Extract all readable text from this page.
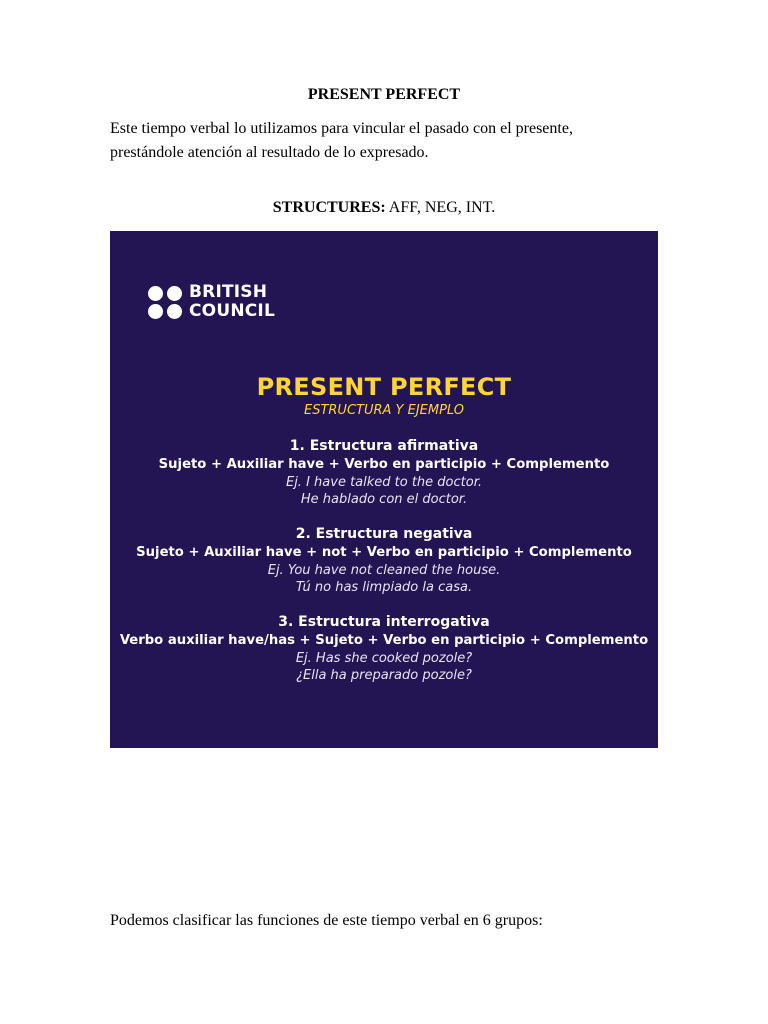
PRESENT PERFECT
Este tiempo verbal lo utilizamos para vincular el pasado con el presente,
prestándole atención al resultado de lo expresado.
STRUCTURES: AFF, NEG, INT.
BRITISH
COUNCIL
PRESENT PERFECT
ESTRUCTURA Y EJEMPLO
1. Estructura afirmativa
Sujeto + Auxiliar have + Verbo en participio + Complemento
Ej. I have talked to the doctor.
He hablado con el doctor.
2. Estructura negativa
Sujeto + Auxiliar have + not + Verbo en participio + Complemento
Ej. You have not cleaned the house.
Tú no has limpiado la casa.
3. Estructura interrogativa
Verbo auxiliar have/has + Sujeto + Verbo en participio + Complemento
Ej. Has she cooked pozole?
¿Ella ha preparado pozole?
Podemos clasificar las funciones de este tiempo verbal en 6 grupos:
